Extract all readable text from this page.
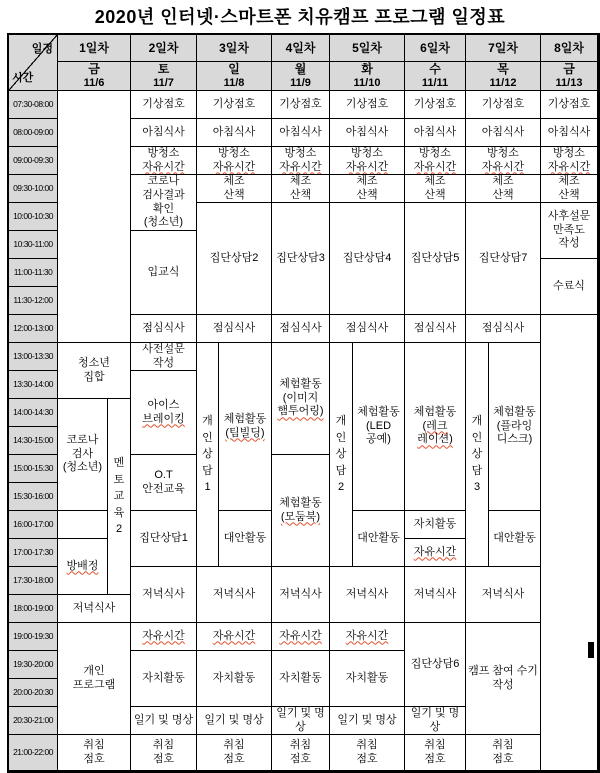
2020년 인터넷·스마트폰 치유캠프 프로그램 일정표
일정
시간
1일차
금
11/6
2일차
토
11/7
3일차
일
11/8
4일차
월
11/9
5일차
화
11/10
6일차
수
11/11
7일차
목
11/12
8일차
금
11/13
07:30-08:00
08:00-09:00
09:00-09:30
09:30-10:00
10:00-10:30
10:30-11:00
11:00-11:30
11:30-12:00
12:00-13:00
13:00-13:30
13:30-14:00
14:00-14:30
14:30-15:00
15:00-15:30
15:30-16:00
16:00-17:00
17:00-17:30
17:30-18:00
18:00-19:00
19:00-19:30
19:30-20:00
20:00-20:30
20:30-21:00
21:00-22:00
청소년
집합
코로나
검사
(청소년)	멘
토
교
육
2
방배정
저녁식사
개인
프로그램
취침
점호
기상점호
아침식사
방청소
자유시간
코로나
검사결과
확인
(청소년)
입교식
점심식사
사전설문
작성
아이스
브레이킹
O.T
안전교육
집단상담1
저녁식사
자유시간
자치활동
일기 및 명상
취침
점호
기상점호
아침식사
방청소
자유시간
체조
산책
집단상담2
점심식사
개
인
상
담
1
체험활동
(팀빌딩)
대안활동
저녁식사
자유시간
자치활동
일기 및 명상
취침
점호
기상점호
아침식사
방청소
자유시간
체조
산책
집단상담3
점심식사
체험활동
(이미지
햄투어링)
체험활동
(모둠북)
저녁식사
자유시간
자치활동
일기 및 명상
취침
점호
기상점호
아침식사
방청소
자유시간
체조
산책
집단상담4
점심식사
개
인
상
담
2
체험활동
(LED
공예)
대안활동
저녁식사
자유시간
자치활동
일기 및 명상
취침
점호
기상점호
아침식사
방청소
자유시간
체조
산책
집단상담5
점심식사
체험활동
(레크
레이션)
자치활동
자유시간
저녁식사
집단상담6
일기 및 명상
취침
점호
기상점호
아침식사
방청소
자유시간
체조
산책
집단상담7
점심식사
개
인
상
담
3
체험활동
(플라잉
디스크)
대안활동
저녁식사
캠프 참여 수기
작성
취침
점호
기상점호
아침식사
방청소
자유시간
체조
산책
사후설문
만족도
작성
수료식
